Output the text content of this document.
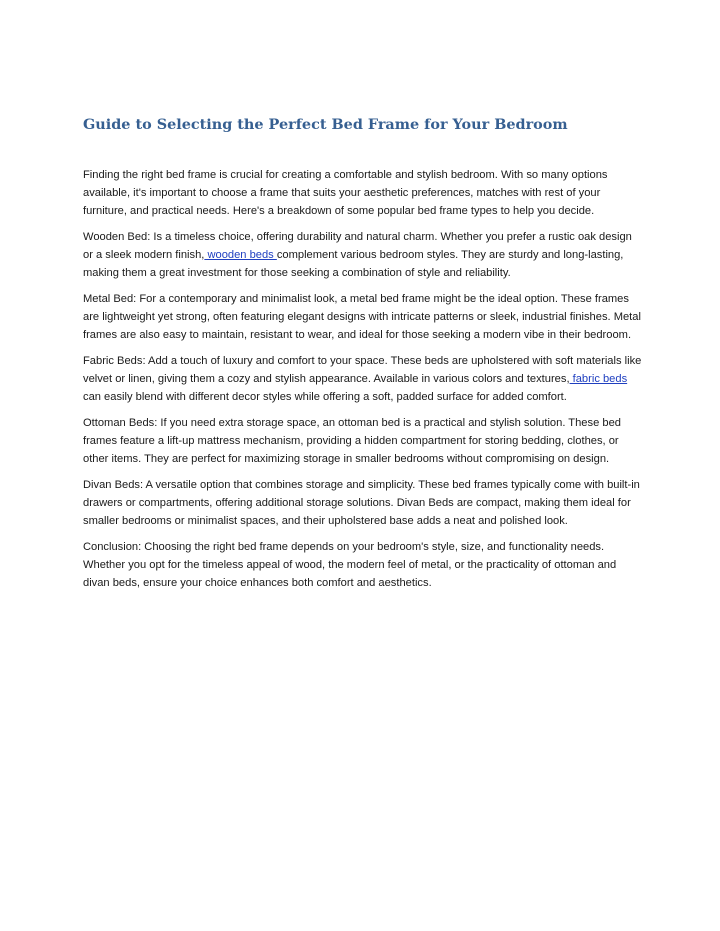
Guide to Selecting the Perfect Bed Frame for Your Bedroom

Finding the right bed frame is crucial for creating a comfortable and stylish bedroom. With so many options available, it's important to choose a frame that suits your aesthetic preferences, matches with rest of your furniture, and practical needs. Here's a breakdown of some popular bed frame types to help you decide.

Wooden Bed: Is a timeless choice, offering durability and natural charm. Whether you prefer a rustic oak design or a sleek modern finish, wooden beds complement various bedroom styles. They are sturdy and long-lasting, making them a great investment for those seeking a combination of style and reliability.

Metal Bed: For a contemporary and minimalist look, a metal bed frame might be the ideal option. These frames are lightweight yet strong, often featuring elegant designs with intricate patterns or sleek, industrial finishes. Metal frames are also easy to maintain, resistant to wear, and ideal for those seeking a modern vibe in their bedroom.

Fabric Beds: Add a touch of luxury and comfort to your space. These beds are upholstered with soft materials like velvet or linen, giving them a cozy and stylish appearance. Available in various colors and textures, fabric beds can easily blend with different decor styles while offering a soft, padded surface for added comfort.

Ottoman Beds: If you need extra storage space, an ottoman bed is a practical and stylish solution. These bed frames feature a lift-up mattress mechanism, providing a hidden compartment for storing bedding, clothes, or other items. They are perfect for maximizing storage in smaller bedrooms without compromising on design.

Divan Beds: A versatile option that combines storage and simplicity. These bed frames typically come with built-in drawers or compartments, offering additional storage solutions. Divan Beds are compact, making them ideal for smaller bedrooms or minimalist spaces, and their upholstered base adds a neat and polished look.

Conclusion: Choosing the right bed frame depends on your bedroom's style, size, and functionality needs. Whether you opt for the timeless appeal of wood, the modern feel of metal, or the practicality of ottoman and divan beds, ensure your choice enhances both comfort and aesthetics.
